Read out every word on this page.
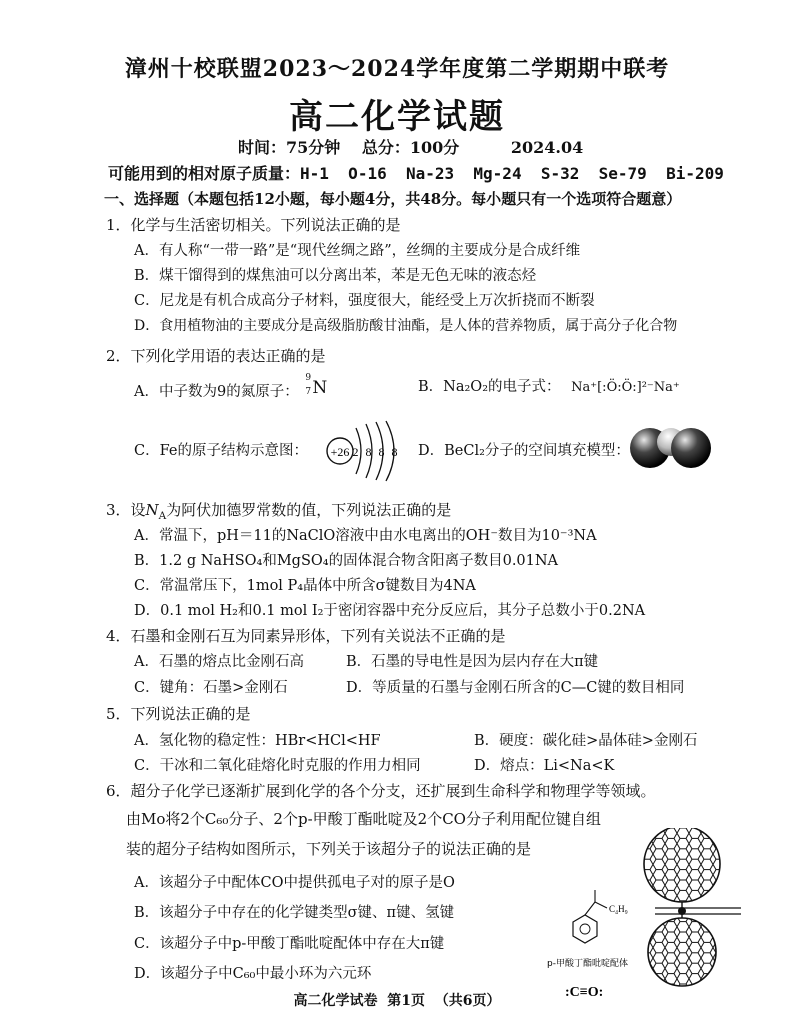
漳州十校联盟2023～2024学年度第二学期期中联考
高二化学试题
时间：75分钟 总分：100分	2024.04
可能用到的相对原子质量：H-1  O-16  Na-23  Mg-24  S-32  Se-79  Bi-209
一、选择题（本题包括12小题，每小题4分，共48分。每小题只有一个选项符合题意）
1．化学与生活密切相关。下列说法正确的是
A．有人称“一带一路”是“现代丝绸之路”，丝绸的主要成分是合成纤维
B．煤干馏得到的煤焦油可以分离出苯，苯是无色无味的液态烃
C．尼龙是有机合成高分子材料，强度很大，能经受上万次折挠而不断裂
D．食用植物油的主要成分是高级脂肪酸甘油酯，是人体的营养物质，属于高分子化合物
2．下列化学用语的表达正确的是
A．中子数为9的氮原子：
9
7 N	B．Na₂O₂的电子式： Na⁺[:Ö:Ö:]²⁻Na⁺
C．Fe的原子结构示意图： +26 2 8 8 8 D．BeCl₂分子的空间填充模型：
3．设$N_A$为阿伏加德罗常数的值，下列说法正确的是
A．常温下，pH＝11的NaClO溶液中由水电离出的OH⁻数目为10⁻³NA
B．1.2 g NaHSO₄和MgSO₄的固体混合物含阳离子数目0.01NA
C．常温常压下，1mol P₄晶体中所含σ键数目为4NA
D．0.1 mol H₂和0.1 mol I₂于密闭容器中充分反应后，其分子总数小于0.2NA
4．石墨和金刚石互为同素异形体，下列有关说法不正确的是
A．石墨的熔点比金刚石高	B．石墨的导电性是因为层内存在大π键
C．键角：石墨>金刚石	D．等质量的石墨与金刚石所含的C—C键的数目相同
5．下列说法正确的是
A．氢化物的稳定性：HBr<HCl<HF	B．硬度：碳化硅>晶体硅>金刚石
C．干冰和二氧化硅熔化时克服的作用力相同	D．熔点：Li<Na<K
6．超分子化学已逐渐扩展到化学的各个分支，还扩展到生命科学和物理学等领域。
由Mo将2个C₆₀分子、2个p-甲酸丁酯吡啶及2个CO分子利用配位键自组
装的超分子结构如图所示，下列关于该超分子的说法正确的是
A．该超分子中配体CO中提供孤电子对的原子是O
B．该超分子中存在的化学键类型σ键、π键、氢键
C．该超分子中p-甲酸丁酯吡啶配体中存在大π键
D．该超分子中C₆₀中最小环为六元环
C₄H₉
p-甲酸丁酯吡啶配体
:C≡O:
高二化学试卷  第1页  （共6页）
